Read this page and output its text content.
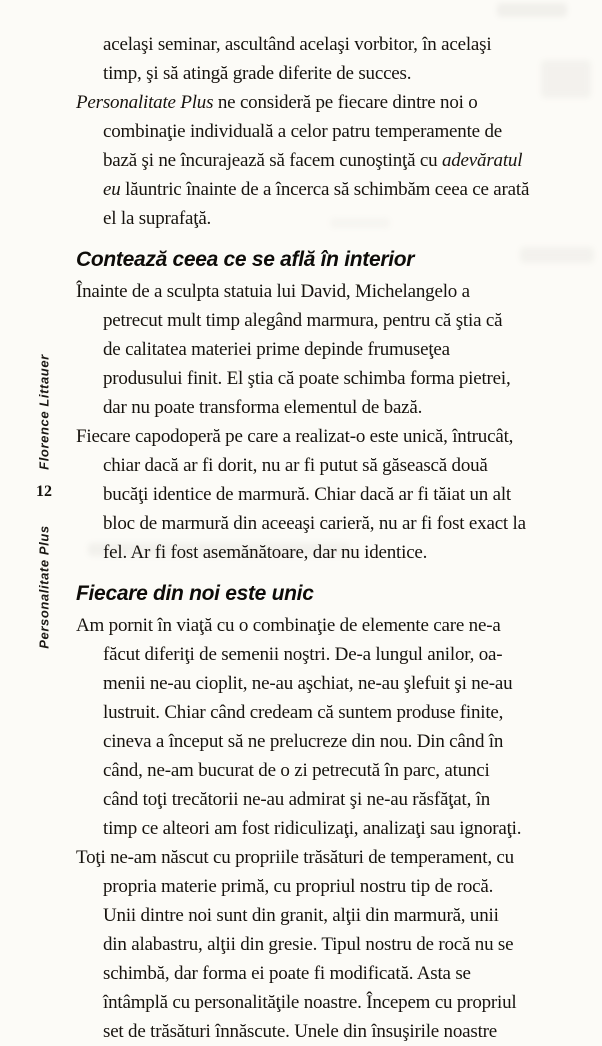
Florence Littauer
12
Personalitate Plus
acelaşi seminar, ascultând acelaşi vorbitor, în acelaşi
timp, şi să atingă grade diferite de succes.
Personalitate Plus ne consideră pe fiecare dintre noi o
combinaţie individuală a celor patru temperamente de
bază şi ne încurajează să facem cunoştinţă cu adevăratul
eu lăuntric înainte de a încerca să schimbăm ceea ce arată
el la suprafaţă.
Contează ceea ce se află în interior
Înainte de a sculpta statuia lui David, Michelangelo a
petrecut mult timp alegând marmura, pentru că ştia că
de calitatea materiei prime depinde frumuseţea
produsului finit. El ştia că poate schimba forma pietrei,
dar nu poate transforma elementul de bază.
Fiecare capodoperă pe care a realizat-o este unică, întrucât,
chiar dacă ar fi dorit, nu ar fi putut să găsească două
bucăţi identice de marmură. Chiar dacă ar fi tăiat un alt
bloc de marmură din aceeaşi carieră, nu ar fi fost exact la
fel. Ar fi fost asemănătoare, dar nu identice.
Fiecare din noi este unic
Am pornit în viaţă cu o combinaţie de elemente care ne-a
făcut diferiţi de semenii noştri. De-a lungul anilor, oa-
menii ne-au cioplit, ne-au aşchiat, ne-au şlefuit şi ne-au
lustruit. Chiar când credeam că suntem produse finite,
cineva a început să ne prelucreze din nou. Din când în
când, ne-am bucurat de o zi petrecută în parc, atunci
când toţi trecătorii ne-au admirat şi ne-au răsfăţat, în
timp ce alteori am fost ridiculizaţi, analizaţi sau ignoraţi.
Toţi ne-am născut cu propriile trăsături de temperament, cu
propria materie primă, cu propriul nostru tip de rocă.
Unii dintre noi sunt din granit, alţii din marmură, unii
din alabastru, alţii din gresie. Tipul nostru de rocă nu se
schimbă, dar forma ei poate fi modificată. Asta se
întâmplă cu personalităţile noastre. Începem cu propriul
set de trăsături înnăscute. Unele din însuşirile noastre
